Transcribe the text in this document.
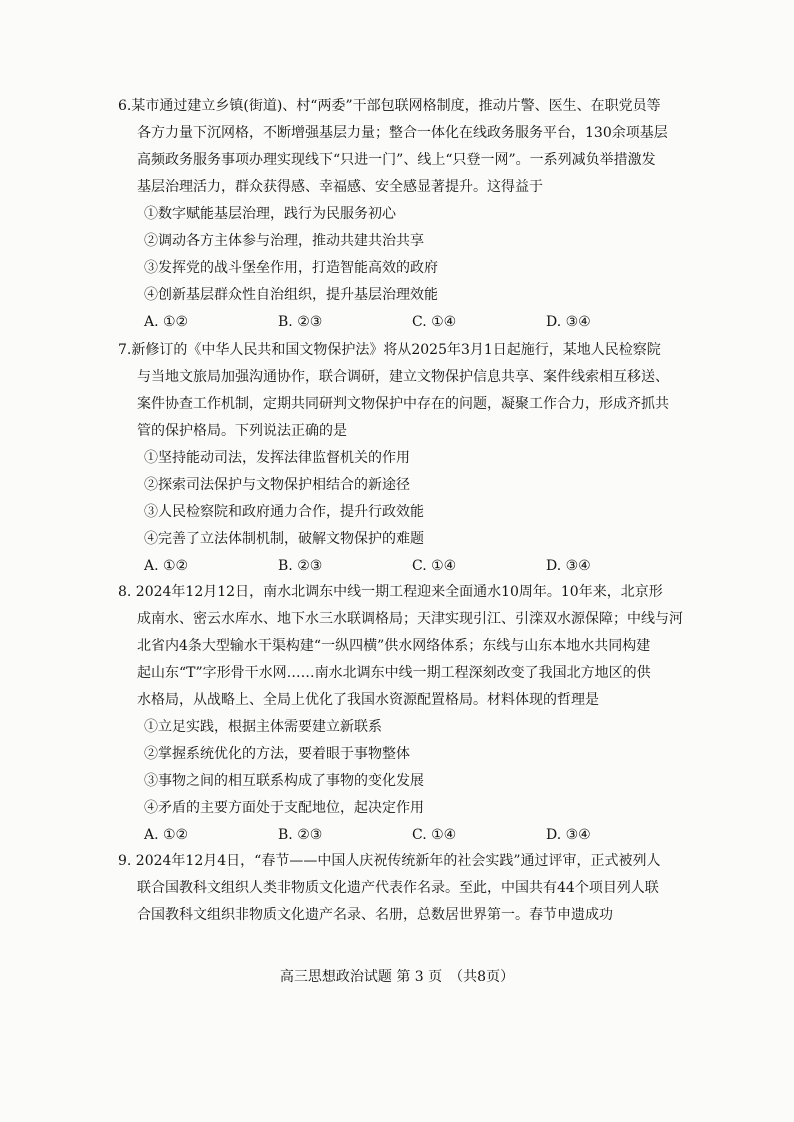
6.某市通过建立乡镇(街道)、村“两委”干部包联网格制度，推动片警、医生、在职党员等
各方力量下沉网格，不断增强基层力量；整合一体化在线政务服务平台，130余项基层
高频政务服务事项办理实现线下“只进一门”、线上“只登一网”。一系列减负举措激发
基层治理活力，群众获得感、幸福感、安全感显著提升。这得益于
①数字赋能基层治理，践行为民服务初心
②调动各方主体参与治理，推动共建共治共享
③发挥党的战斗堡垒作用，打造智能高效的政府
④创新基层群众性自治组织，提升基层治理效能
A. ①②	B. ②③	C. ①④	D. ③④
7.新修订的《中华人民共和国文物保护法》将从2025年3月1日起施行，某地人民检察院
与当地文旅局加强沟通协作，联合调研，建立文物保护信息共享、案件线索相互移送、
案件协查工作机制，定期共同研判文物保护中存在的问题，凝聚工作合力，形成齐抓共
管的保护格局。下列说法正确的是
①坚持能动司法，发挥法律监督机关的作用
②探索司法保护与文物保护相结合的新途径
③人民检察院和政府通力合作，提升行政效能
④完善了立法体制机制，破解文物保护的难题
A. ①②	B. ②③	C. ①④	D. ③④
8. 2024年12月12日，南水北调东中线一期工程迎来全面通水10周年。10年来，北京形
成南水、密云水库水、地下水三水联调格局；天津实现引江、引滦双水源保障；中线与河
北省内4条大型输水干渠构建“一纵四横”供水网络体系；东线与山东本地水共同构建
起山东“T”字形骨干水网……南水北调东中线一期工程深刻改变了我国北方地区的供
水格局，从战略上、全局上优化了我国水资源配置格局。材料体现的哲理是
①立足实践，根据主体需要建立新联系
②掌握系统优化的方法，要着眼于事物整体
③事物之间的相互联系构成了事物的变化发展
④矛盾的主要方面处于支配地位，起决定作用
A. ①②	B. ②③	C. ①④	D. ③④
9. 2024年12月4日，“春节——中国人庆祝传统新年的社会实践”通过评审，正式被列人
联合国教科文组织人类非物质文化遗产代表作名录。至此，中国共有44个项目列人联
合国教科文组织非物质文化遗产名录、名册，总数居世界第一。春节申遗成功
高三思想政治试题 第 3 页　（共8页）
